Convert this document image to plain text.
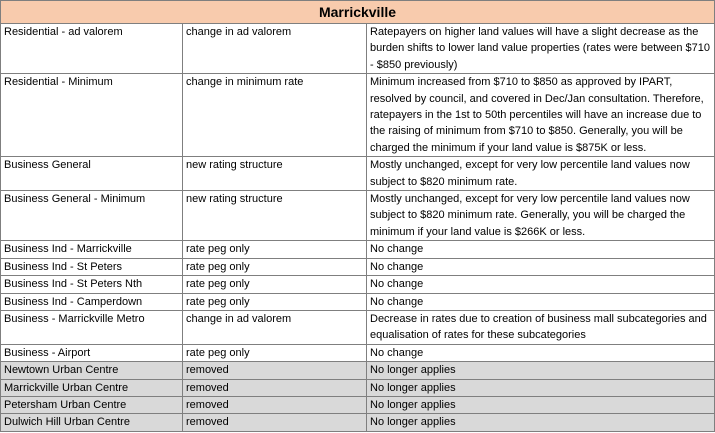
Marrickville		
Residential - ad valorem	change in ad valorem	Ratepayers on higher land values will have a slight decrease as the burden shifts to lower land value properties (rates were between $710 - $850 previously)
Residential - Minimum	change in minimum rate	Minimum increased from $710 to $850 as approved by IPART, resolved by council, and covered in Dec/Jan consultation. Therefore, ratepayers in the 1st to 50th percentiles will have an increase due to the raising of minimum from $710 to $850. Generally, you will be charged the minimum if your land value is $875K or less.
Business General	new rating structure	Mostly unchanged, except for very low percentile land values now subject to $820 minimum rate.
Business General - Minimum	new rating structure	Mostly unchanged, except for very low percentile land values now subject to $820 minimum rate. Generally, you will be charged the minimum if your land value is $266K or less.
Business Ind - Marrickville	rate peg only	No change
Business Ind - St Peters	rate peg only	No change
Business Ind - St Peters Nth	rate peg only	No change
Business Ind - Camperdown	rate peg only	No change
Business - Marrickville Metro	change in ad valorem	Decrease in rates due to creation of business mall subcategories and equalisation of rates for these subcategories
Business - Airport	rate peg only	No change
Newtown Urban Centre	removed	No longer applies
Marrickville Urban Centre	removed	No longer applies
Petersham Urban Centre	removed	No longer applies
Dulwich Hill Urban Centre	removed	No longer applies
